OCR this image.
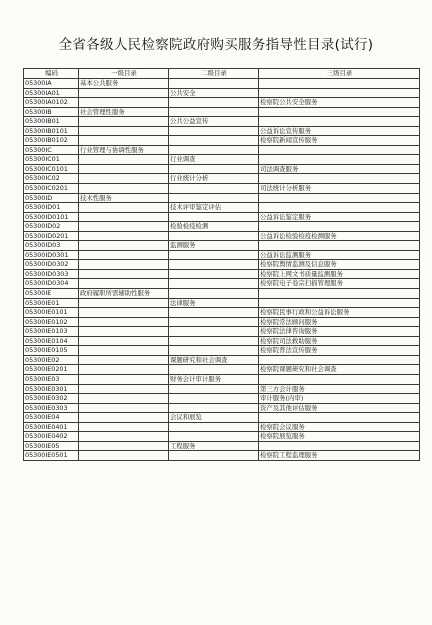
全省各级人民检察院政府购买服务指导性目录(试行)
编码	一级目录	二级目录	三级目录
05300IA	基本公共服务		
05300IA01		公共安全	
05300IA0102			检察院公共安全服务
05300IB	社会管理性服务		
05300IB01		公共公益宣传	
05300IB0101			公益诉讼宣传服务
05300IB0102			检察院新闻宣传服务
05300IC	行业管理与协调性服务		
05300IC01		行业调查	
05300IC0101			司法调查服务
05300IC02		行业统计分析	
05300IC0201			司法统计分析服务
05300ID	技术性服务		
05300ID01		技术评审鉴定评估	
05300ID0101			公益诉讼鉴定服务
05300ID02		检验检疫检测	
05300ID0201			公益诉讼检验检疫检测服务
05300ID03		监测服务	
05300ID0301			公益诉讼监测服务
05300ID0302			检察院舆情监测及信息服务
05300ID0303			检察院上网文书质量监测服务
05300ID0304			检察院电子卷宗扫描管理服务
05300IE	政府履职所需辅助性服务		
05300IE01		法律服务	
05300IE0101			检察院民事行政和公益诉讼服务
05300IE0102			检察院常法顾问服务
05300IE0103			检察院法律咨询服务
05300IE0104			检察院司法救助服务
05300IE0105			检察院普法宣传服务
05300IE02		课题研究和社会调查	
05300IE0201			检察院课题研究和社会调查
05300IE03		财务会计审计服务	
05300IE0301			第三方会计服务
05300IE0302			审计服务(内审)
05300IE0303			资产及其他评估服务
05300IE04		会议和展览	
05300IE0401			检察院会议服务
05300IE0402			检察院展览服务
05300IE05		工程服务	
05300IE0501			检察院工程监理服务
